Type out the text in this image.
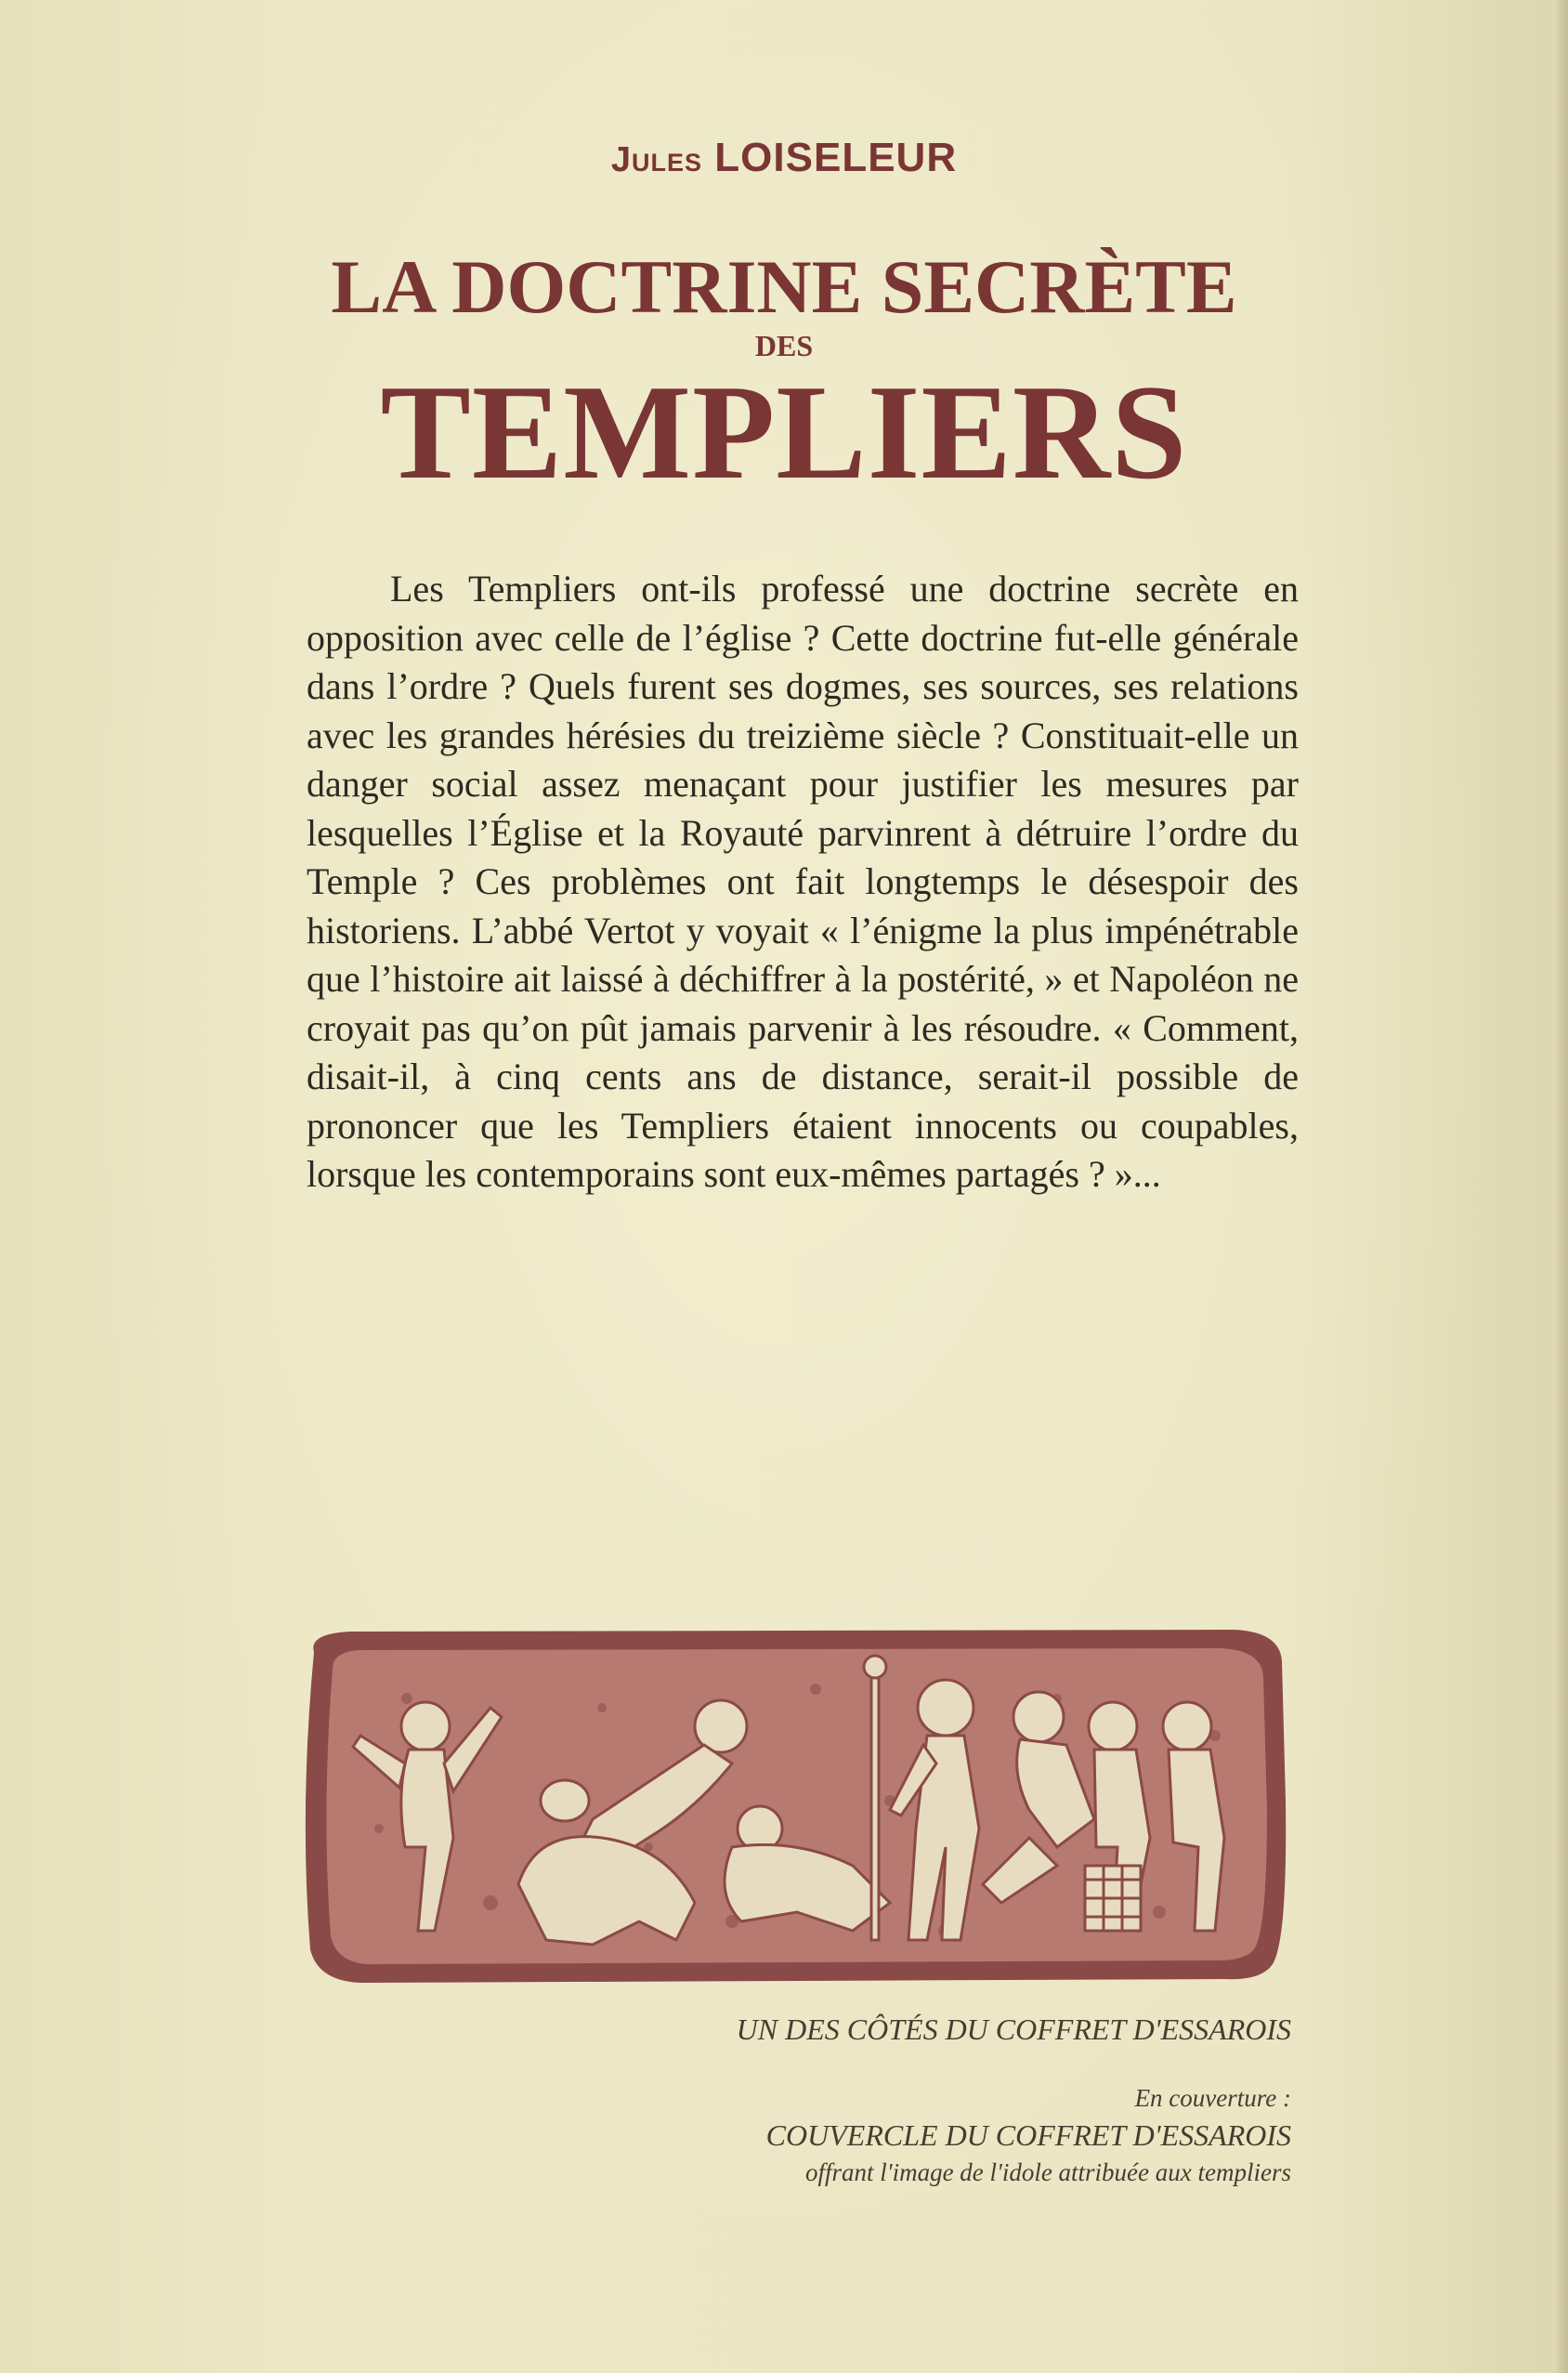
Jules LOISELEUR
LA DOCTRINE SECRÈTE
DES
TEMPLIERS

Les Templiers ont-ils professé une doctrine secrète en opposition avec celle de l’église ? Cette doctrine fut-elle générale dans l’ordre ? Quels furent ses dogmes, ses sources, ses relations avec les grandes hérésies du treizième siècle ? Constituait-elle un danger social assez menaçant pour justifier les mesures par lesquelles l’Église et la Royauté parvinrent à détruire l’ordre du Temple ? Ces problèmes ont fait longtemps le désespoir des historiens. L’abbé Vertot y voyait « l’énigme la plus impénétrable que l’histoire ait laissé à déchiffrer à la postérité, » et Napoléon ne croyait pas qu’on pût jamais parvenir à les résoudre. « Comment, disait-il, à cinq cents ans de distance, serait-il possible de prononcer que les Templiers étaient innocents ou coupables, lorsque les contemporains sont eux-mêmes partagés ? »...

UN DES CÔTÉS DU COFFRET D'ESSAROIS
En couverture :
COUVERCLE DU COFFRET D'ESSAROIS
offrant l'image de l'idole attribuée aux templiers
